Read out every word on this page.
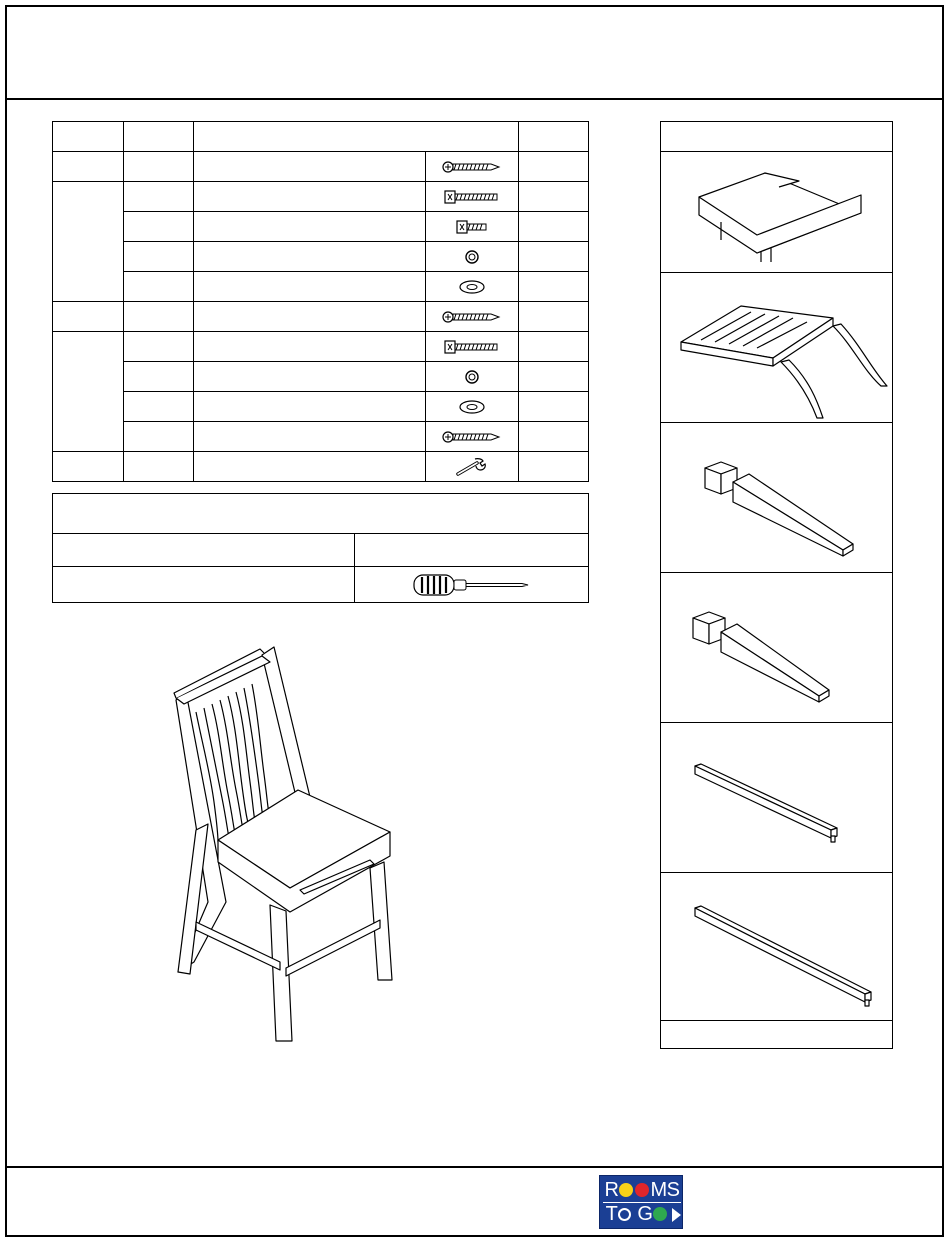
R MS
T G
